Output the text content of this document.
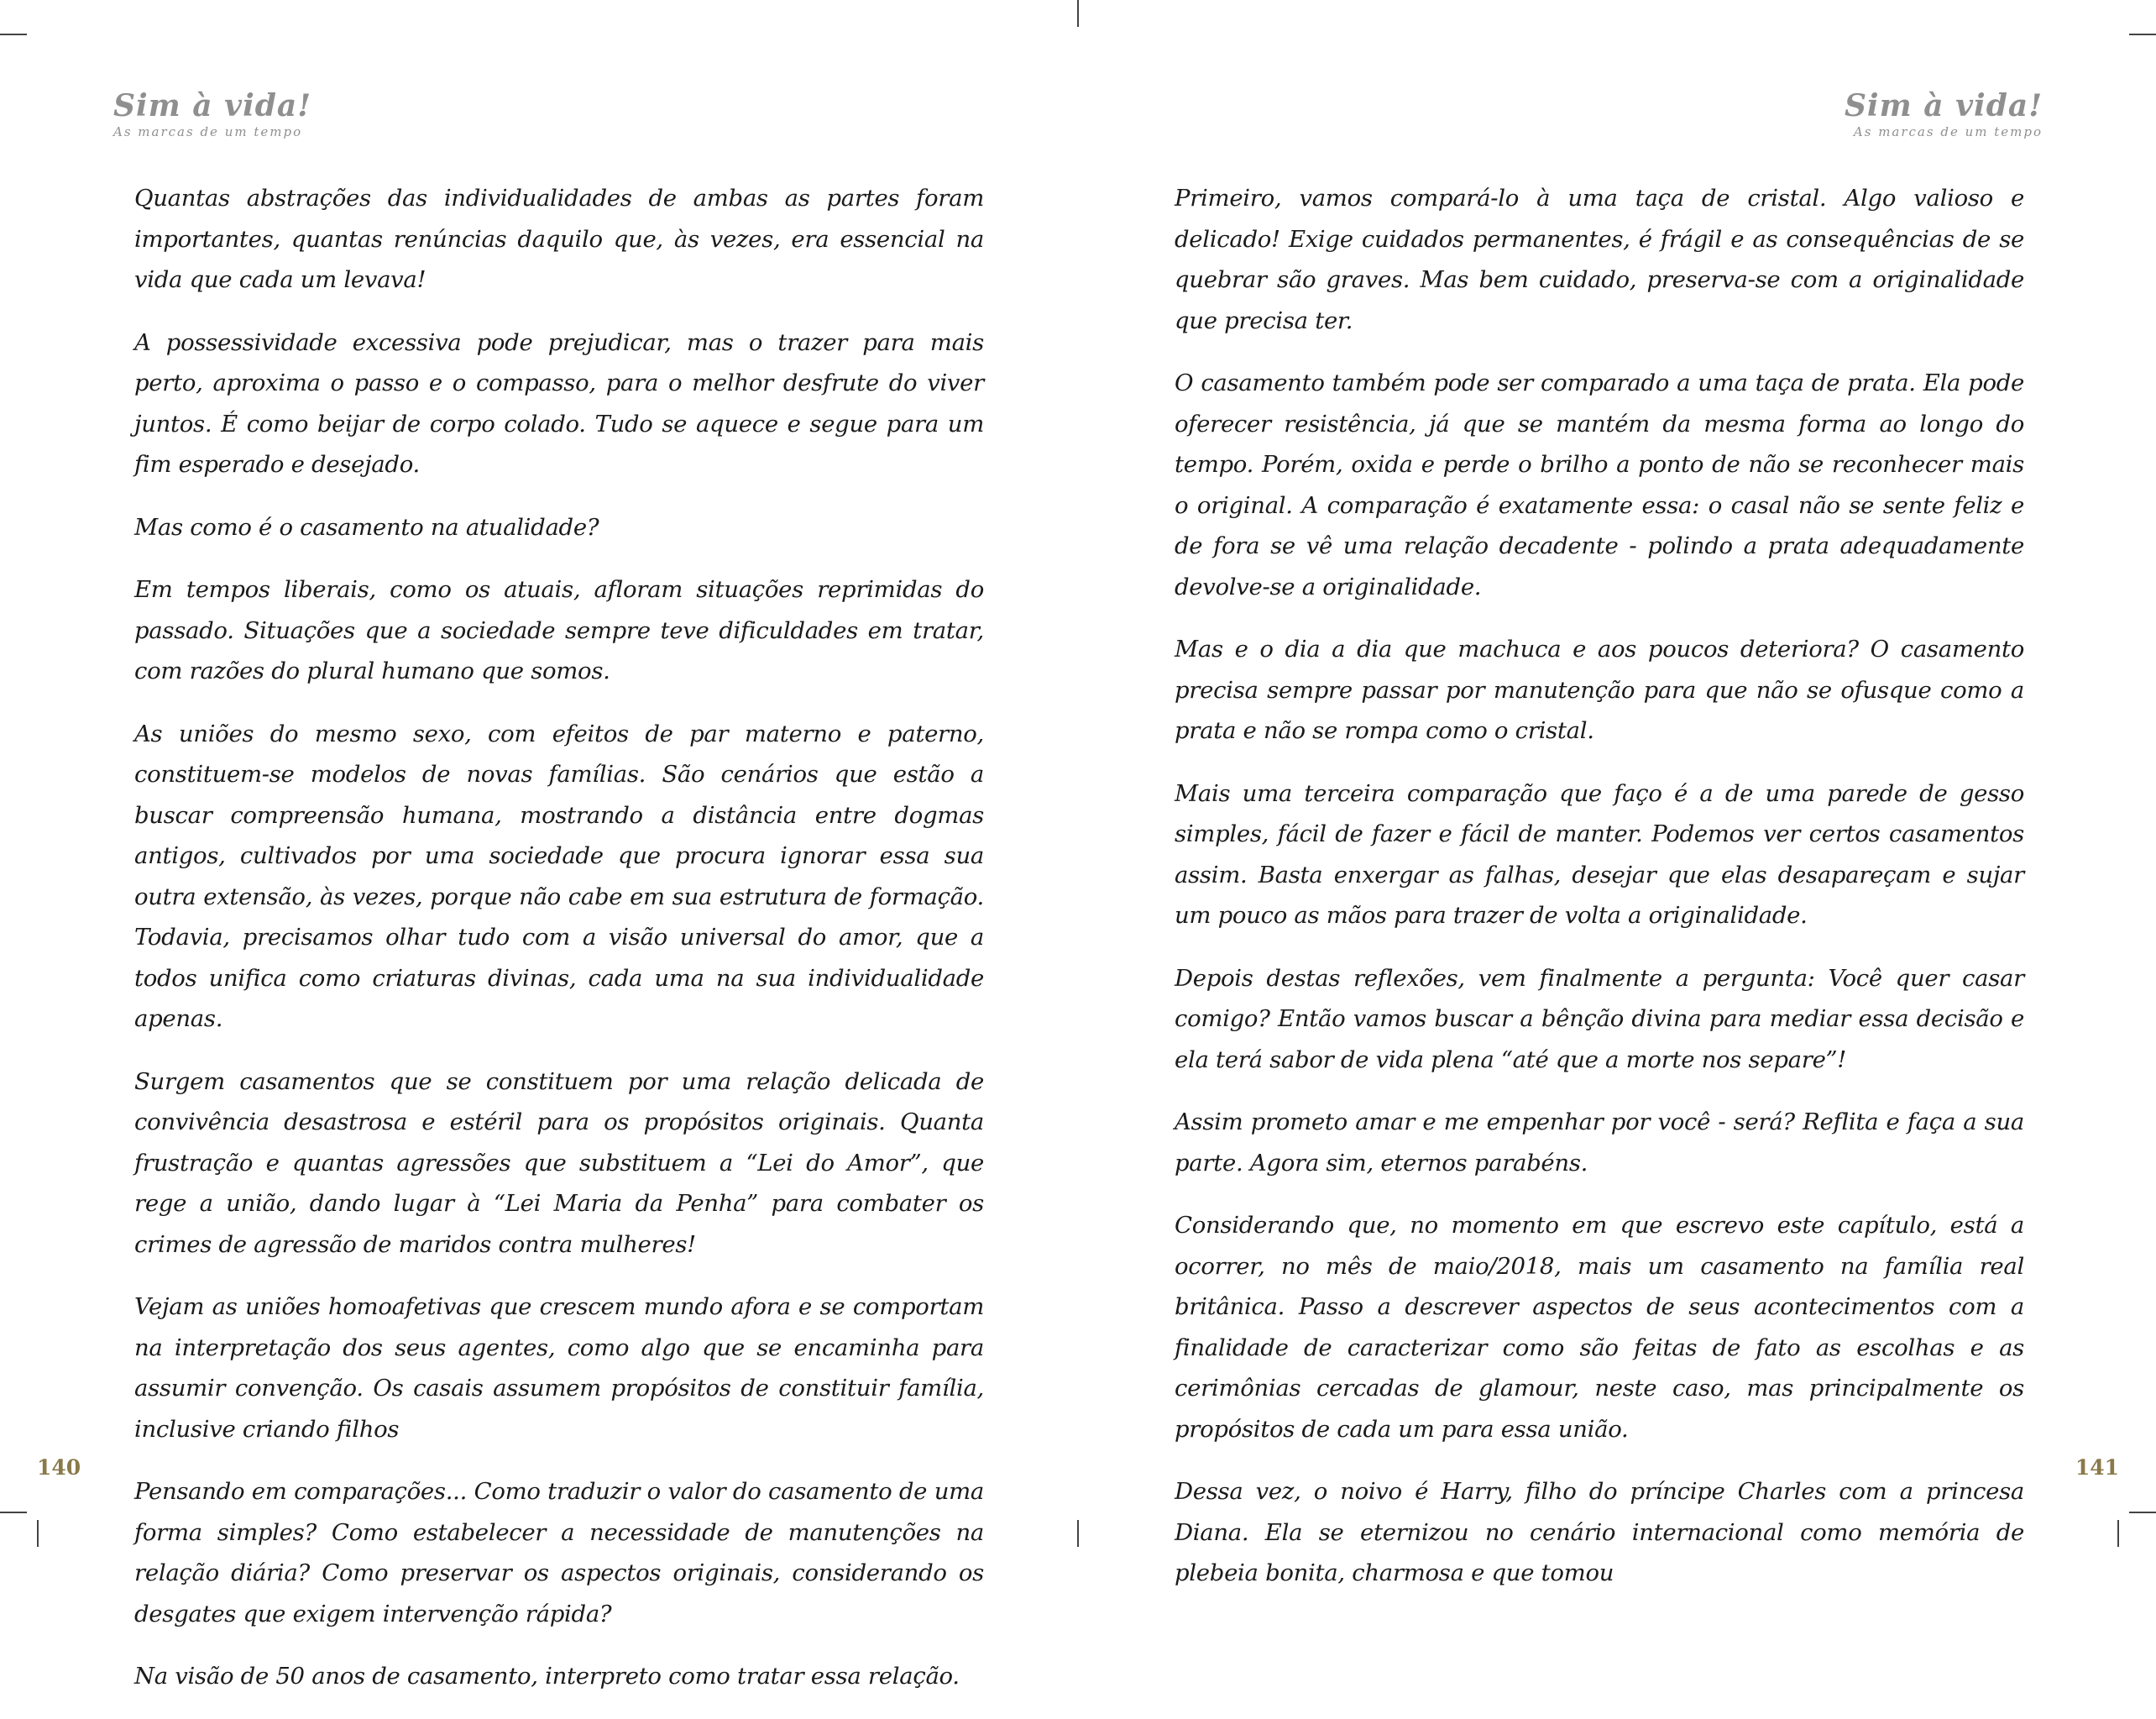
Sim à vida!
As marcas de um tempo

Quantas abstrações das individualidades de ambas as partes foram importantes, quantas renúncias daquilo que, às vezes, era essencial na vida que cada um levava!

A possessividade excessiva pode prejudicar, mas o trazer para mais perto, aproxima o passo e o compasso, para o melhor desfrute do viver juntos. É como beijar de corpo colado. Tudo se aquece e segue para um fim esperado e desejado.

Mas como é o casamento na atualidade?

Em tempos liberais, como os atuais, afloram situações reprimidas do passado. Situações que a sociedade sempre teve dificuldades em tratar, com razões do plural humano que somos.

As uniões do mesmo sexo, com efeitos de par materno e paterno, constituem-se modelos de novas famílias. São cenários que estão a buscar compreensão humana, mostrando a distância entre dogmas antigos, cultivados por uma sociedade que procura ignorar essa sua outra extensão, às vezes, porque não cabe em sua estrutura de formação. Todavia, precisamos olhar tudo com a visão universal do amor, que a todos unifica como criaturas divinas, cada uma na sua individualidade apenas.

Surgem casamentos que se constituem por uma relação delicada de convivência desastrosa e estéril para os propósitos originais. Quanta frustração e quantas agressões que substituem a “Lei do Amor”, que rege a união, dando lugar à “Lei Maria da Penha” para combater os crimes de agressão de maridos contra mulheres!

Vejam as uniões homoafetivas que crescem mundo afora e se comportam na interpretação dos seus agentes, como algo que se encaminha para assumir convenção. Os casais assumem propósitos de constituir família, inclusive criando filhos

Pensando em comparações... Como traduzir o valor do casamento de uma forma simples? Como estabelecer a necessidade de manutenções na relação diária? Como preservar os aspectos originais, considerando os desgates que exigem intervenção rápida?

Na visão de 50 anos de casamento, interpreto como tratar essa relação.

140
Sim à vida!
As marcas de um tempo

Primeiro, vamos compará-lo à uma taça de cristal. Algo valioso e delicado! Exige cuidados permanentes, é frágil e as consequências de se quebrar são graves. Mas bem cuidado, preserva-se com a originalidade que precisa ter.

O casamento também pode ser comparado a uma taça de prata. Ela pode oferecer resistência, já que se mantém da mesma forma ao longo do tempo. Porém, oxida e perde o brilho a ponto de não se reconhecer mais o original. A comparação é exatamente essa: o casal não se sente feliz e de fora se vê uma relação decadente - polindo a prata adequadamente devolve-se a originalidade.

Mas e o dia a dia que machuca e aos poucos deteriora? O casamento precisa sempre passar por manutenção para que não se ofusque como a prata e não se rompa como o cristal.

Mais uma terceira comparação que faço é a de uma parede de gesso simples, fácil de fazer e fácil de manter. Podemos ver certos casamentos assim. Basta enxergar as falhas, desejar que elas desapareçam e sujar um pouco as mãos para trazer de volta a originalidade.

Depois destas reflexões, vem finalmente a pergunta: Você quer casar comigo? Então vamos buscar a bênção divina para mediar essa decisão e ela terá sabor de vida plena “até que a morte nos separe”!

Assim prometo amar e me empenhar por você - será? Reflita e faça a sua parte. Agora sim, eternos parabéns.

Considerando que, no momento em que escrevo este capítulo, está a ocorrer, no mês de maio/2018, mais um casamento na família real britânica. Passo a descrever aspectos de seus acontecimentos com a finalidade de caracterizar como são feitas de fato as escolhas e as cerimônias cercadas de glamour, neste caso, mas principalmente os propósitos de cada um para essa união.

Dessa vez, o noivo é Harry, filho do príncipe Charles com a princesa Diana. Ela se eternizou no cenário internacional como memória de plebeia bonita, charmosa e que tomou

141
